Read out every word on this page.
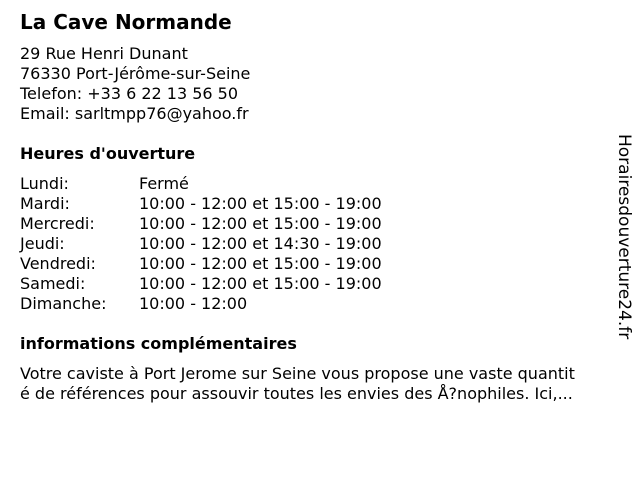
La Cave Normande
29 Rue Henri Dunant
76330 Port-Jérôme-sur-Seine
Telefon: +33 6 22 13 56 50
Email: sarltmpp76@yahoo.fr
Heures d'ouverture
Lundi:	Fermé
Mardi:	10:00 - 12:00 et 15:00 - 19:00
Mercredi:	10:00 - 12:00 et 15:00 - 19:00
Jeudi:	10:00 - 12:00 et 14:30 - 19:00
Vendredi:	10:00 - 12:00 et 15:00 - 19:00
Samedi:	10:00 - 12:00 et 15:00 - 19:00
Dimanche: 10:00 - 12:00
informations complémentaires
Votre caviste à Port Jerome sur Seine vous propose une vaste quantit
é de références pour assouvir toutes les envies des Å?nophiles. Ici,...
Horairesdouverture24.fr
